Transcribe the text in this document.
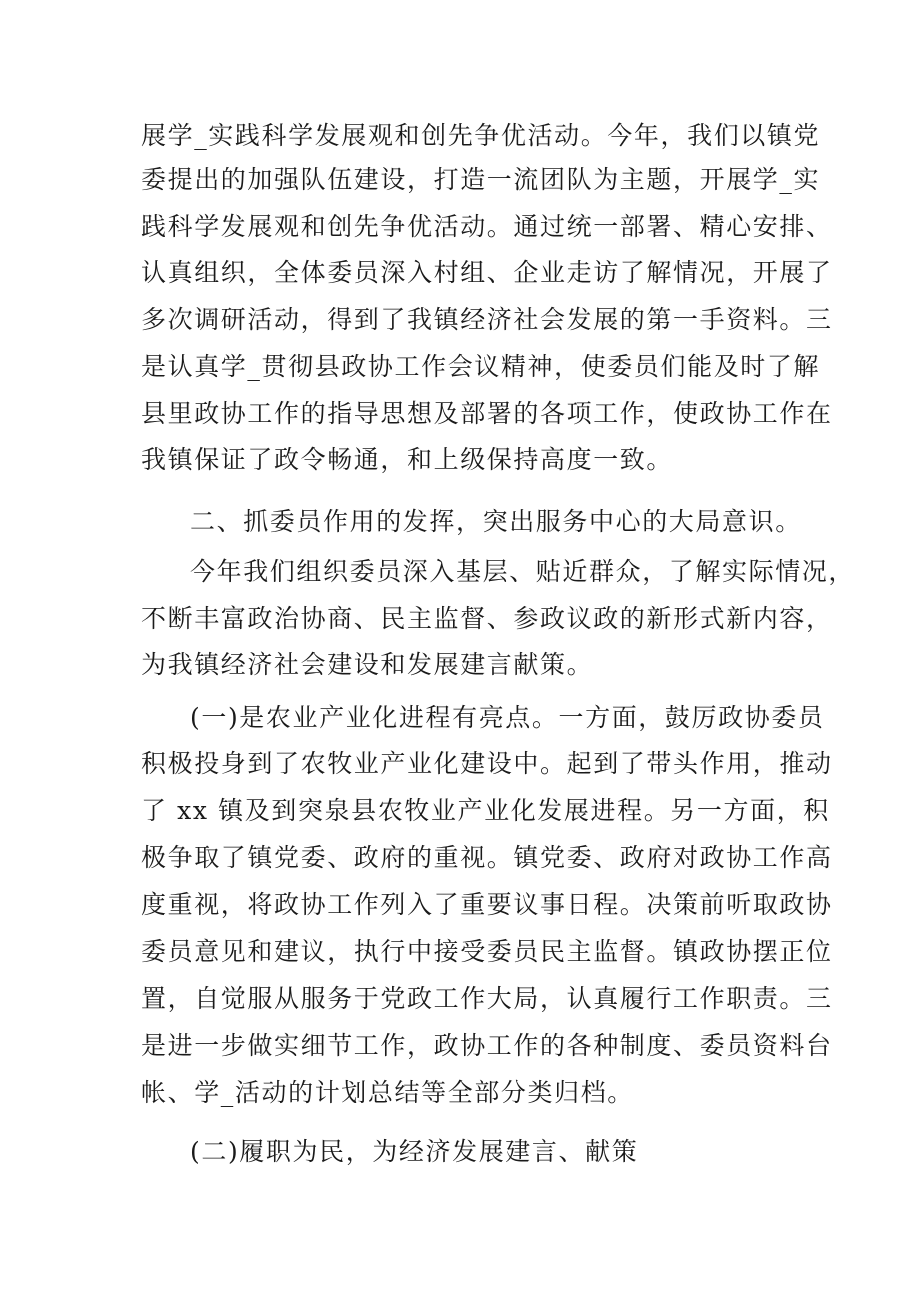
展学_实践科学发展观和创先争优活动。今年，我们以镇党
委提出的加强队伍建设，打造一流团队为主题，开展学_实
践科学发展观和创先争优活动。通过统一部署、精心安排、
认真组织，全体委员深入村组、企业走访了解情况，开展了
多次调研活动，得到了我镇经济社会发展的第一手资料。三
是认真学_贯彻县政协工作会议精神，使委员们能及时了解
县里政协工作的指导思想及部署的各项工作，使政协工作在
我镇保证了政令畅通，和上级保持高度一致。
二、抓委员作用的发挥，突出服务中心的大局意识。
今年我们组织委员深入基层、贴近群众，了解实际情况，
不断丰富政治协商、民主监督、参政议政的新形式新内容，
为我镇经济社会建设和发展建言献策。
(一)是农业产业化进程有亮点。一方面，鼓厉政协委员
积极投身到了农牧业产业化建设中。起到了带头作用，推动
了 xx 镇及到突泉县农牧业产业化发展进程。另一方面，积
极争取了镇党委、政府的重视。镇党委、政府对政协工作高
度重视，将政协工作列入了重要议事日程。决策前听取政协
委员意见和建议，执行中接受委员民主监督。镇政协摆正位
置，自觉服从服务于党政工作大局，认真履行工作职责。三
是进一步做实细节工作，政协工作的各种制度、委员资料台
帐、学_活动的计划总结等全部分类归档。
(二)履职为民，为经济发展建言、献策
